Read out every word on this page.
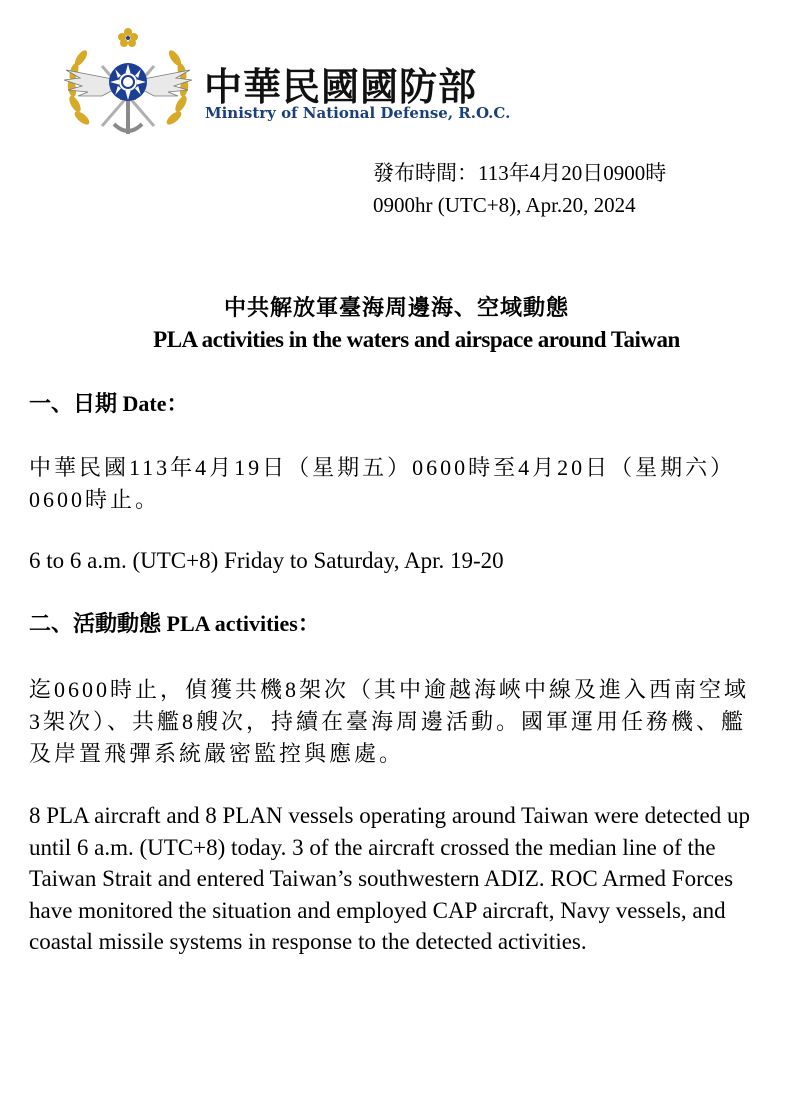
中華民國國防部
Ministry of National Defense, R.O.C.
發布時間：113年4月20日0900時
0900hr (UTC+8), Apr.20, 2024
中共解放軍臺海周邊海、空域動態
PLA activities in the waters and airspace around Taiwan
一、日期 Date：
中華民國113年4月19日（星期五）0600時至4月20日（星期六）0600時止。
6 to 6 a.m. (UTC+8) Friday to Saturday, Apr. 19-20
二、活動動態 PLA activities：
迄0600時止，偵獲共機8架次（其中逾越海峽中線及進入西南空域3架次）、共艦8艘次，持續在臺海周邊活動。國軍運用任務機、艦及岸置飛彈系統嚴密監控與應處。
8 PLA aircraft and 8 PLAN vessels operating around Taiwan were detected up until 6 a.m. (UTC+8) today. 3 of the aircraft crossed the median line of the Taiwan Strait and entered Taiwan’s southwestern ADIZ. ROC Armed Forces have monitored the situation and employed CAP aircraft, Navy vessels, and coastal missile systems in response to the detected activities.
